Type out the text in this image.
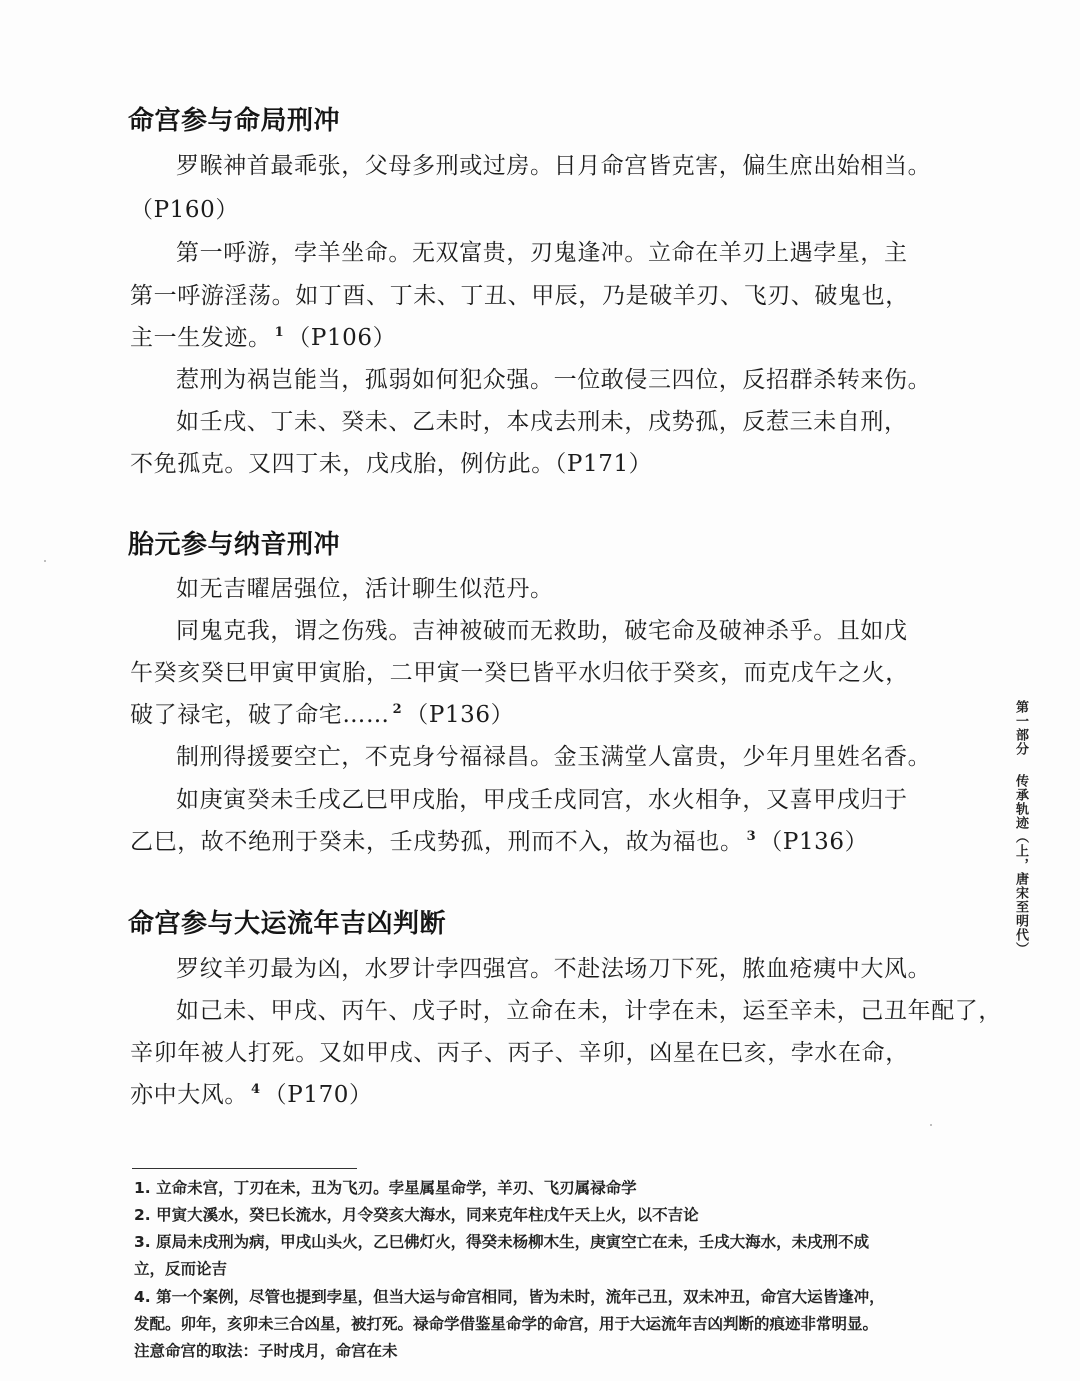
命宫参与命局刑冲
罗睺神首最乖张，父母多刑或过房。日月命宫皆克害，偏生庶出始相当。
（P160）
第一呼游，孛羊坐命。无双富贵，刃鬼逢冲。立命在羊刃上遇孛星，主
第一呼游淫荡。如丁酉、丁未、丁丑、甲辰，乃是破羊刃、飞刃、破鬼也，
主一生发迹。 $^1$ （P106）
惹刑为祸岂能当，孤弱如何犯众强。一位敢侵三四位，反招群杀转来伤。
如壬戌、丁未、癸未、乙未时，本戌去刑未，戌势孤，反惹三未自刑，
不免孤克。又四丁未，戊戌胎，例仿此。（P171）
胎元参与纳音刑冲
如无吉曜居强位，活计聊生似范丹。
同鬼克我，谓之伤残。吉神被破而无救助，破宅命及破神杀乎。且如戊
午癸亥癸巳甲寅甲寅胎，二甲寅一癸巳皆平水归依于癸亥，而克戊午之火，
破了禄宅，破了命宅…… $^2$ （P136）
制刑得援要空亡，不克身兮福禄昌。金玉满堂人富贵，少年月里姓名香。
如庚寅癸未壬戌乙巳甲戌胎，甲戌壬戌同宫，水火相争，又喜甲戌归于
乙巳，故不绝刑于癸未，壬戌势孤，刑而不入，故为福也。 $^3$ （P136）
命宫参与大运流年吉凶判断
罗纹羊刃最为凶，水罗计孛四强宫。不赴法场刀下死，脓血疮痍中大风。
如己未、甲戌、丙午、戊子时，立命在未，计孛在未，运至辛未，己丑年配了，
辛卯年被人打死。又如甲戌、丙子、丙子、辛卯，凶星在巳亥，孛水在命，
亦中大风。 $^4$ （P170）
1. 立命未宫，丁刃在未，丑为飞刃。孛星属星命学，羊刃、飞刃属禄命学
2. 甲寅大溪水，癸巳长流水，月令癸亥大海水，同来克年柱戊午天上火，以不吉论
3. 原局未戌刑为病，甲戌山头火，乙巳佛灯火，得癸未杨柳木生，庚寅空亡在未，壬戌大海水，未戌刑不成
立，反而论吉
4. 第一个案例，尽管也提到孛星，但当大运与命宫相同，皆为未时，流年己丑，双未冲丑，命宫大运皆逢冲，
发配。卯年，亥卯未三合凶星，被打死。禄命学借鉴星命学的命宫，用于大运流年吉凶判断的痕迹非常明显。
注意命宫的取法：子时戌月，命宫在未
第一部分传承轨迹（上，唐宋至明代）
